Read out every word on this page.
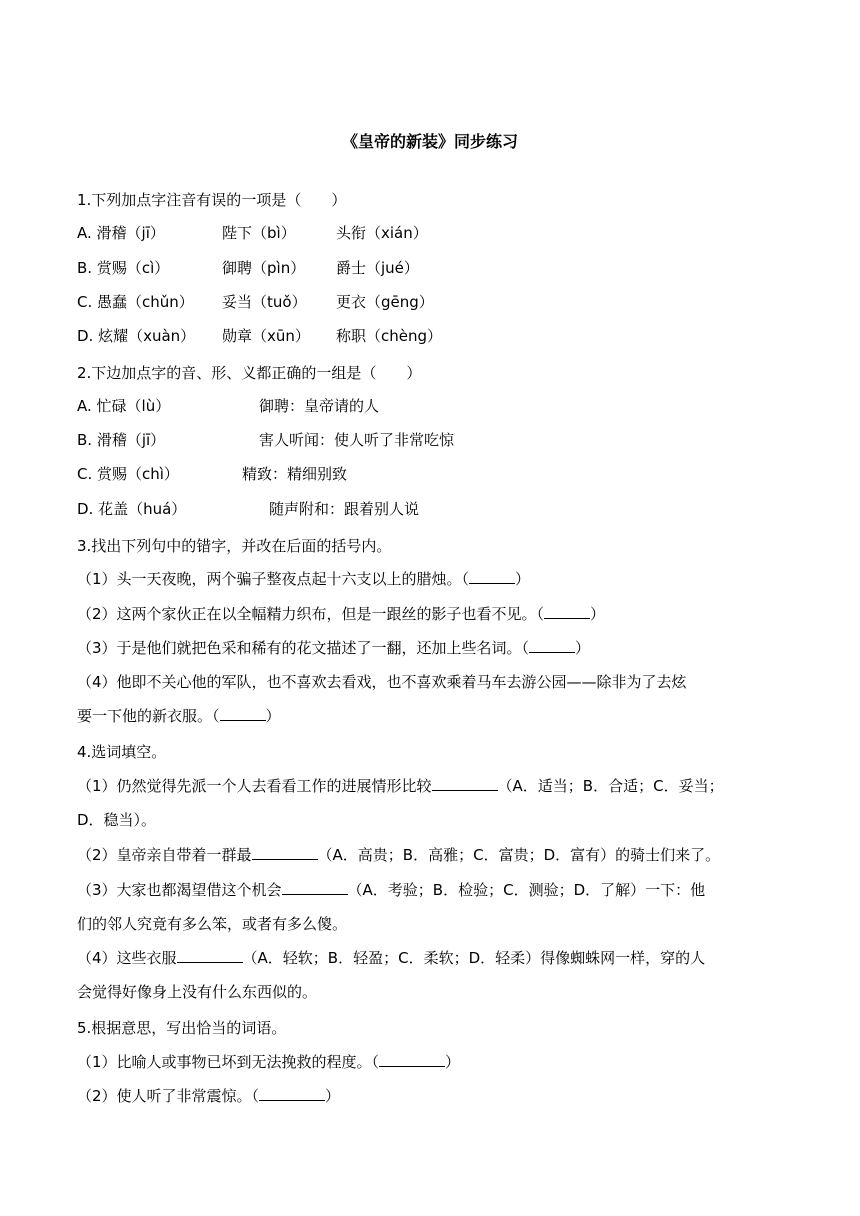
《皇帝的新装》同步练习
1.下列加点字注音有误的一项是（　　）
A. 滑稽（jī）	陛下（bì）	头衔（xián）
B. 赏赐（cì）	御聘（pìn） 爵士（jué）
C. 愚蠢（chǔn） 妥当（tuǒ） 更衣（gēng）
D. 炫耀（xuàn） 勋章（xūn） 称职（chèng）
2.下边加点字的音、形、义都正确的一组是（　　）
A. 忙碌（lù）	御聘：皇帝请的人
B. 滑稽（jī）	害人听闻：使人听了非常吃惊
C. 赏赐（chì）	精致：精细别致
D. 花盖（huá）	随声附和：跟着别人说
3.找出下列句中的错字，并改在后面的括号内。
（1）头一天夜晚，两个骗子整夜点起十六支以上的腊烛。（	）
（2）这两个家伙正在以全幅精力织布，但是一跟丝的影子也看不见。（	）
（3）于是他们就把色采和稀有的花文描述了一翻，还加上些名词。（	）
（4）他即不关心他的军队，也不喜欢去看戏，也不喜欢乘着马车去游公园——除非为了去炫
要一下他的新衣服。（	）
4.选词填空。
（1）仍然觉得先派一个人去看看工作的进展情形比较	（A．适当；B．合适；C．妥当；
D．稳当）。
（2）皇帝亲自带着一群最	（A．高贵；B．高雅；C．富贵；D．富有）的骑士们来了。
（3）大家也都渴望借这个机会	（A．考验；B．检验；C．测验；D．了解）一下：他
们的邻人究竟有多么笨，或者有多么傻。
（4）这些衣服	（A．轻软；B．轻盈；C．柔软；D．轻柔）得像蜘蛛网一样，穿的人
会觉得好像身上没有什么东西似的。
5.根据意思，写出恰当的词语。
（1）比喻人或事物已坏到无法挽救的程度。（	）
（2）使人听了非常震惊。（	）
